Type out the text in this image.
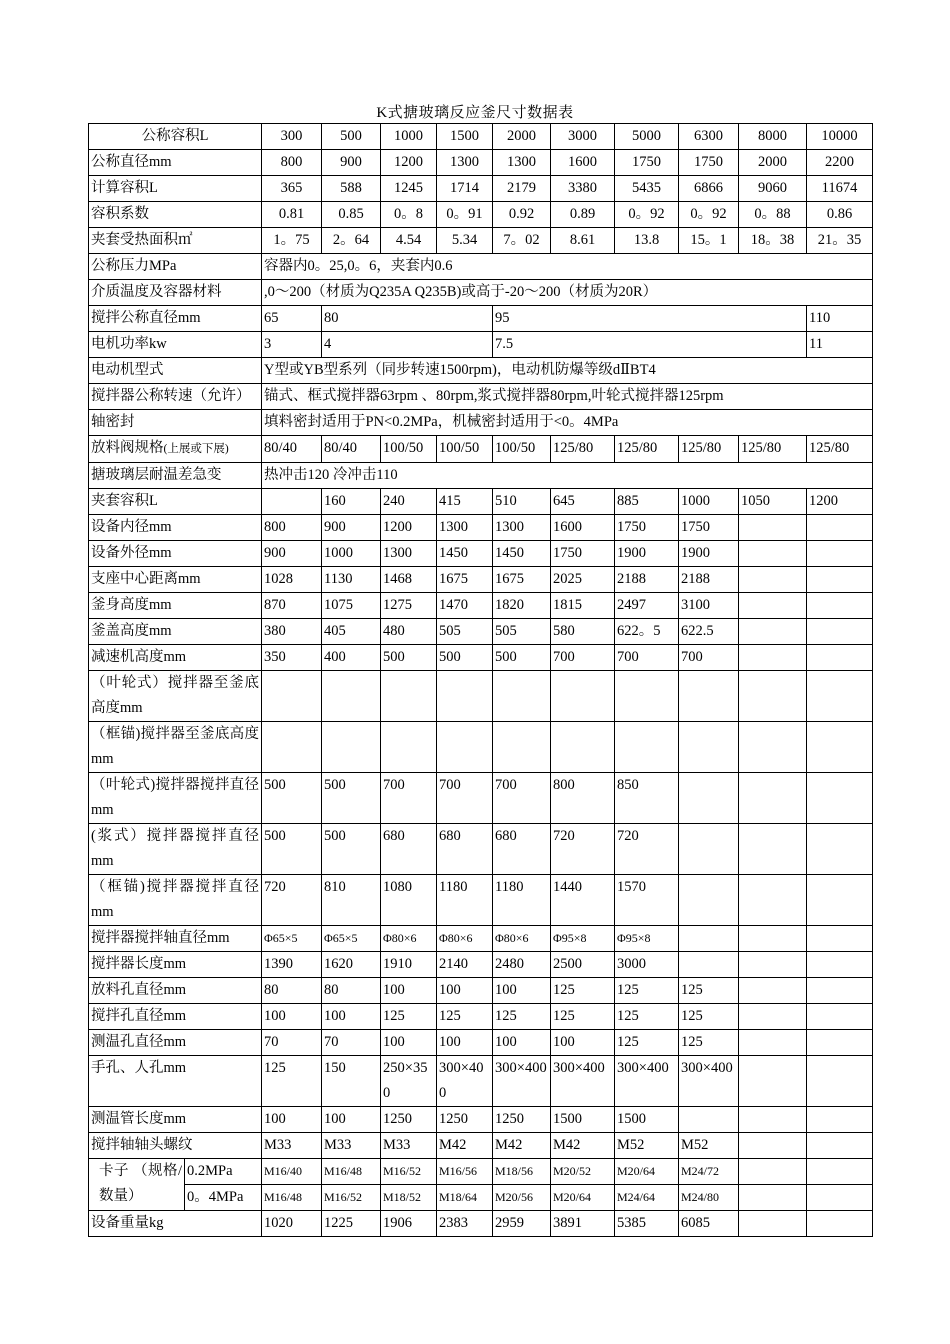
K式搪玻璃反应釜尺寸数据表
公称容积L		300	500	1000	1500	2000	3000	5000	6300	8000	10000
公称直径mm		800	900	1200	1300	1300	1600	1750	1750	2000	2200
计算容积L		365	588	1245	1714	2179	3380	5435	6866	9060	11674
容积系数		0.81	0.85	0。8	0。91	0.92	0.89	0。92	0。92	0。88	0.86
夹套受热面积㎡		1。75	2。64	4.54	5.34	7。02	8.61	13.8	15。1	18。38	21。35
公称压力MPa		容器内0。25,0。6，夹套内0.6									
介质温度及容器材料		,0～200（材质为Q235A Q235B)或高于-20～200（材质为20R）									
搅拌公称直径mm		65	80			95					110
电机功率kw		3	4			7.5					11
电动机型式		Y型或YB型系列（同步转速1500rpm)，电动机防爆等级dⅡBT4									
搅拌器公称转速（允许）		锚式、框式搅拌器63rpm 、80rpm,浆式搅拌器80rpm,叶轮式搅拌器125rpm									
轴密封		填料密封适用于PN<0.2MPa，机械密封适用于<0。4MPa									
放料阀规格(上展或下展)		80/40	80/40	100/50	100/50	100/50	125/80	125/80	125/80	125/80	125/80
搪玻璃层耐温差急变		热冲击120 冷冲击110									
夹套容积L			160	240	415	510	645	885	1000	1050	1200
设备内径mm		800	900	1200	1300	1300	1600	1750	1750		
设备外径mm		900	1000	1300	1450	1450	1750	1900	1900		
支座中心距离mm		1028	1130	1468	1675	1675	2025	2188	2188		
釜身高度mm		870	1075	1275	1470	1820	1815	2497	3100		
釜盖高度mm		380	405	480	505	505	580	622。5	622.5		
减速机高度mm		350	400	500	500	500	700	700	700		
（叶轮式）搅拌器至釜底高度mm											
（框锚)搅拌器至釜底高度mm											
（叶轮式)搅拌器搅拌直径mm		500	500	700	700	700	800	850			
(浆式）搅拌器搅拌直径mm		500	500	680	680	680	720	720			
（框锚)搅拌器搅拌直径mm		720	810	1080	1180	1180	1440	1570			
搅拌器搅拌轴直径mm		Φ65×5	Φ65×5	Φ80×6	Φ80×6	Φ80×6	Φ95×8	Φ95×8			
搅拌器长度mm		1390	1620	1910	2140	2480	2500	3000			
放料孔直径mm		80	80	100	100	100	125	125	125		
搅拌孔直径mm		100	100	125	125	125	125	125	125		
测温孔直径mm		70	70	100	100	100	100	125	125		
手孔、人孔mm		125	150	250×350	300×400	300×400	300×400	300×400	300×400		
测温管长度mm		100	100	1250	1250	1250	1500	1500			
搅拌轴轴头螺纹		M33	M33	M33	M42	M42	M42	M52	M52		
卡子 （规格/数量）	0.2MPa	M16/40	M16/48	M16/52	M16/56	M18/56	M20/52	M20/64	M24/72		
	0。4MPa	M16/48	M16/52	M18/52	M18/64	M20/56	M20/64	M24/64	M24/80		
设备重量kg		1020	1225	1906	2383	2959	3891	5385	6085		
